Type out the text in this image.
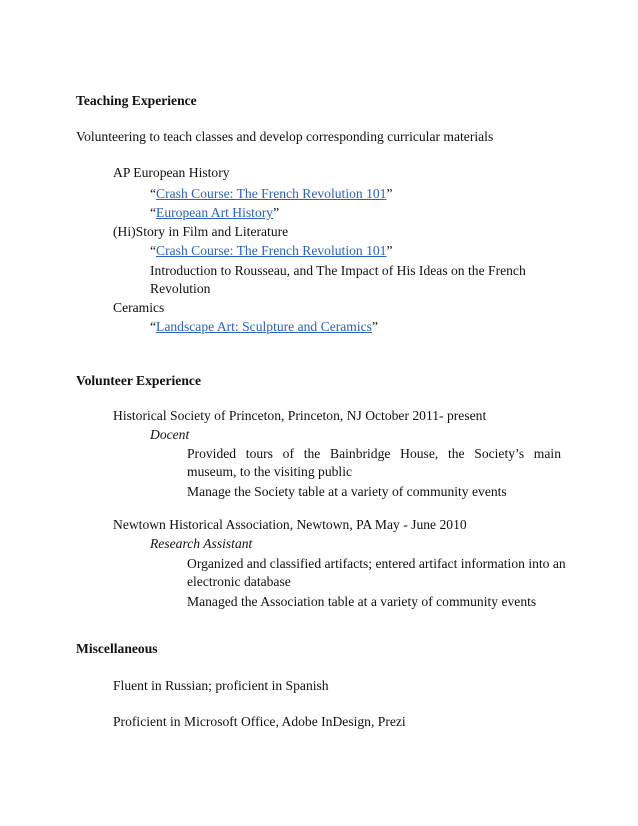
Teaching Experience
Volunteering to teach classes and develop corresponding curricular materials
AP European History
“Crash Course: The French Revolution 101”
“European Art History”
(Hi)Story in Film and Literature
“Crash Course: The French Revolution 101”
Introduction to Rousseau, and The Impact of His Ideas on the French Revolution
Ceramics
“Landscape Art: Sculpture and Ceramics”
Volunteer Experience
Historical Society of Princeton, Princeton, NJ October 2011- present
Docent
Provided tours of the Bainbridge House, the Society’s main museum, to the visiting public
Manage the Society table at a variety of community events
Newtown Historical Association, Newtown, PA May - June 2010
Research Assistant
Organized and classified artifacts; entered artifact information into an electronic database
Managed the Association table at a variety of community events
Miscellaneous
Fluent in Russian; proficient in Spanish
Proficient in Microsoft Office, Adobe InDesign, Prezi
